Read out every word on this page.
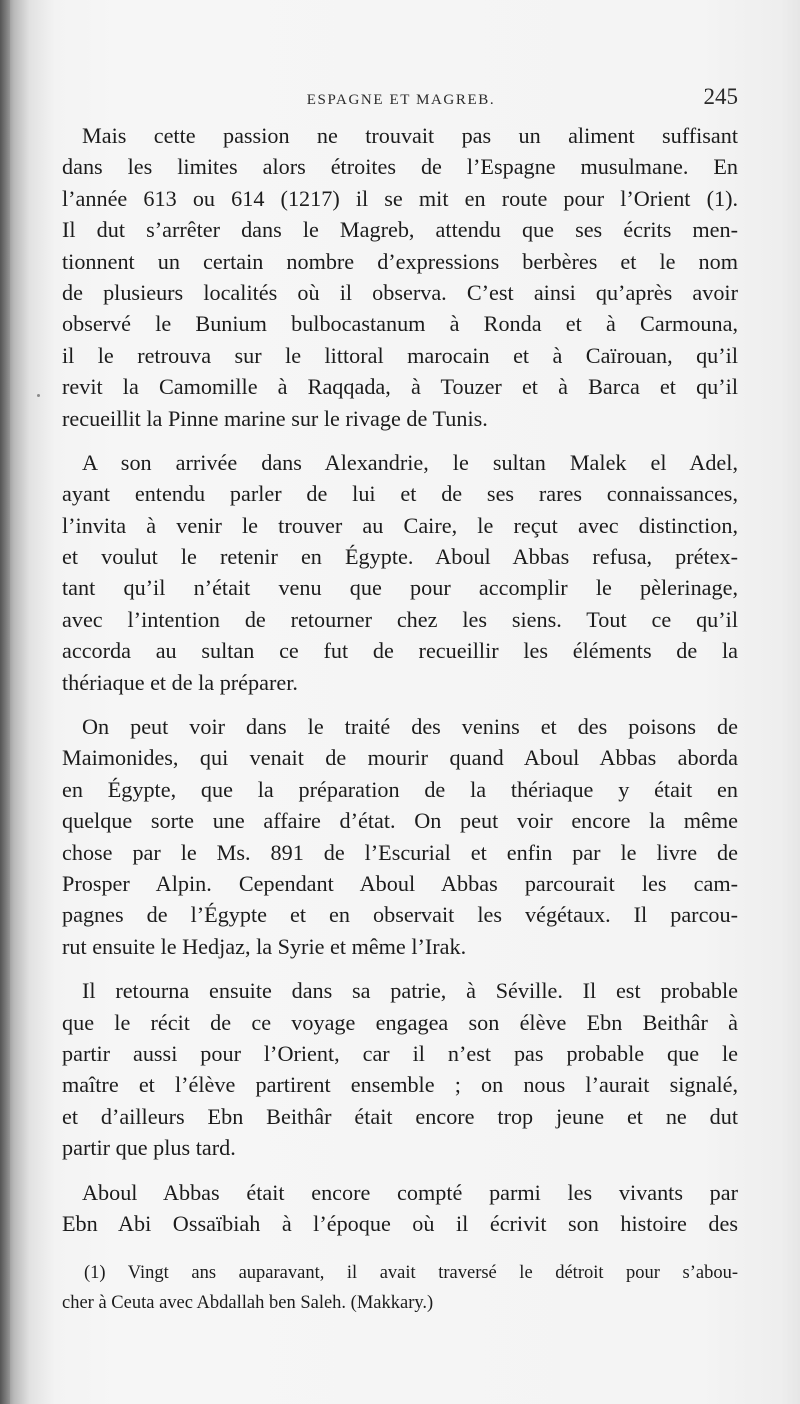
ESPAGNE ET MAGREB.	245
Mais cette passion ne trouvait pas un aliment suffisant
dans les limites alors étroites de l’Espagne musulmane. En
l’année 613 ou 614 (1217) il se mit en route pour l’Orient (1).
Il dut s’arrêter dans le Magreb, attendu que ses écrits men-
tionnent un certain nombre d’expressions berbères et le nom
de plusieurs localités où il observa. C’est ainsi qu’après avoir
observé le Bunium bulbocastanum à Ronda et à Carmouna,
il le retrouva sur le littoral marocain et à Caïrouan, qu’il
revit la Camomille à Raqqada, à Touzer et à Barca et qu’il
recueillit la Pinne marine sur le rivage de Tunis.
A son arrivée dans Alexandrie, le sultan Malek el Adel,
ayant entendu parler de lui et de ses rares connaissances,
l’invita à venir le trouver au Caire, le reçut avec distinction,
et voulut le retenir en Égypte. Aboul Abbas refusa, prétex-
tant qu’il n’était venu que pour accomplir le pèlerinage,
avec l’intention de retourner chez les siens. Tout ce qu’il
accorda au sultan ce fut de recueillir les éléments de la
thériaque et de la préparer.
On peut voir dans le traité des venins et des poisons de
Maimonides, qui venait de mourir quand Aboul Abbas aborda
en Égypte, que la préparation de la thériaque y était en
quelque sorte une affaire d’état. On peut voir encore la même
chose par le Ms. 891 de l’Escurial et enfin par le livre de
Prosper Alpin. Cependant Aboul Abbas parcourait les cam-
pagnes de l’Égypte et en observait les végétaux. Il parcou-
rut ensuite le Hedjaz, la Syrie et même l’Irak.
Il retourna ensuite dans sa patrie, à Séville. Il est probable
que le récit de ce voyage engagea son élève Ebn Beithâr à
partir aussi pour l’Orient, car il n’est pas probable que le
maître et l’élève partirent ensemble ; on nous l’aurait signalé,
et d’ailleurs Ebn Beithâr était encore trop jeune et ne dut
partir que plus tard.
Aboul Abbas était encore compté parmi les vivants par
Ebn Abi Ossaïbiah à l’époque où il écrivit son histoire des
(1) Vingt ans auparavant, il avait traversé le détroit pour s’abou-
cher à Ceuta avec Abdallah ben Saleh. (Makkary.)
